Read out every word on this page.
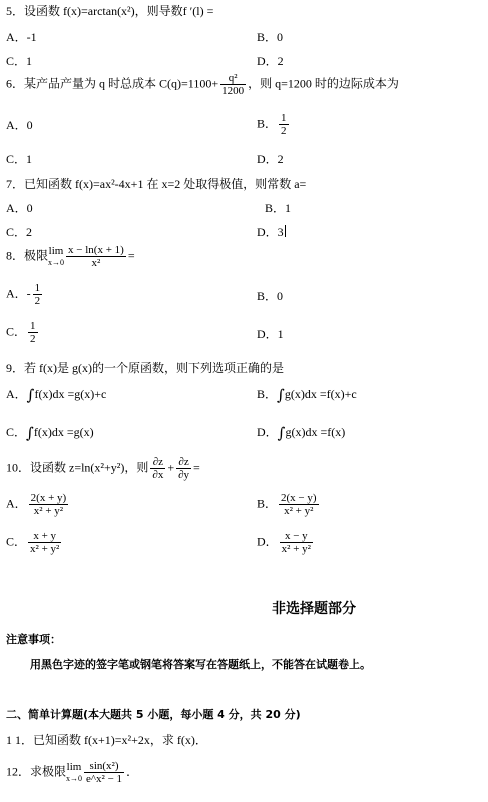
5．设函数 f(x)=arctan(x²)，则导数f ′(l) =
A．-1	B．0
C．1	D．2
6．某产品产量为 q 时总成本 $C(q)=1100+ \frac{\text{q²}}{1200}$ ，则 q=1200 时的边际成本为
A．0	B． $\frac{1}{2}$
C．1	D．2
7．已知函数 f(x)=ax²-4x+1 在 x=2 处取得极值，则常数 a=
A．0	B．1
C．2	D．3
8．极限 lim
$x\to 0 \frac{x - \ln(x + 1)}{\text{x²}}$ =
A．- $\frac{1}{2}$	B．0
C． $\frac{1}{2}$	D．1
9．若 f(x)是 g(x)的一个原函数，则下列选项正确的是
A．∫f(x)dx =g(x)+c	B．∫g(x)dx =f(x)+c
C．∫f(x)dx =g(x)	D．∫g(x)dx =f(x)
10．设函数 z=ln(x²+y²)，则 $\frac{\partial z}{\partial x} + \frac{\partial z}{\partial y}$ =
A． $\frac{2(x + y)}{\text{x² + y²}}$	B． $\frac{2(x - y)}{\text{x² + y²}}$
C． $\frac{x + y}{\text{x² + y²}}$	D． $\frac{x - y}{\text{x² + y²}}$
非选择题部分
注意事项：
用黑色字迹的签字笔或钢笔将答案写在答题纸上，不能答在试题卷上。
二、简单计算题(本大题共 5 小题，每小题 4 分，共 20 分)
1 1．已知函数 f(x+1)=x²+2x，求 f(x)．
12．求极限 lim
$x\to 0 \frac{\text{sin(x²)}}{\text{e\textasciicircum{}x² − 1}}$ ．
